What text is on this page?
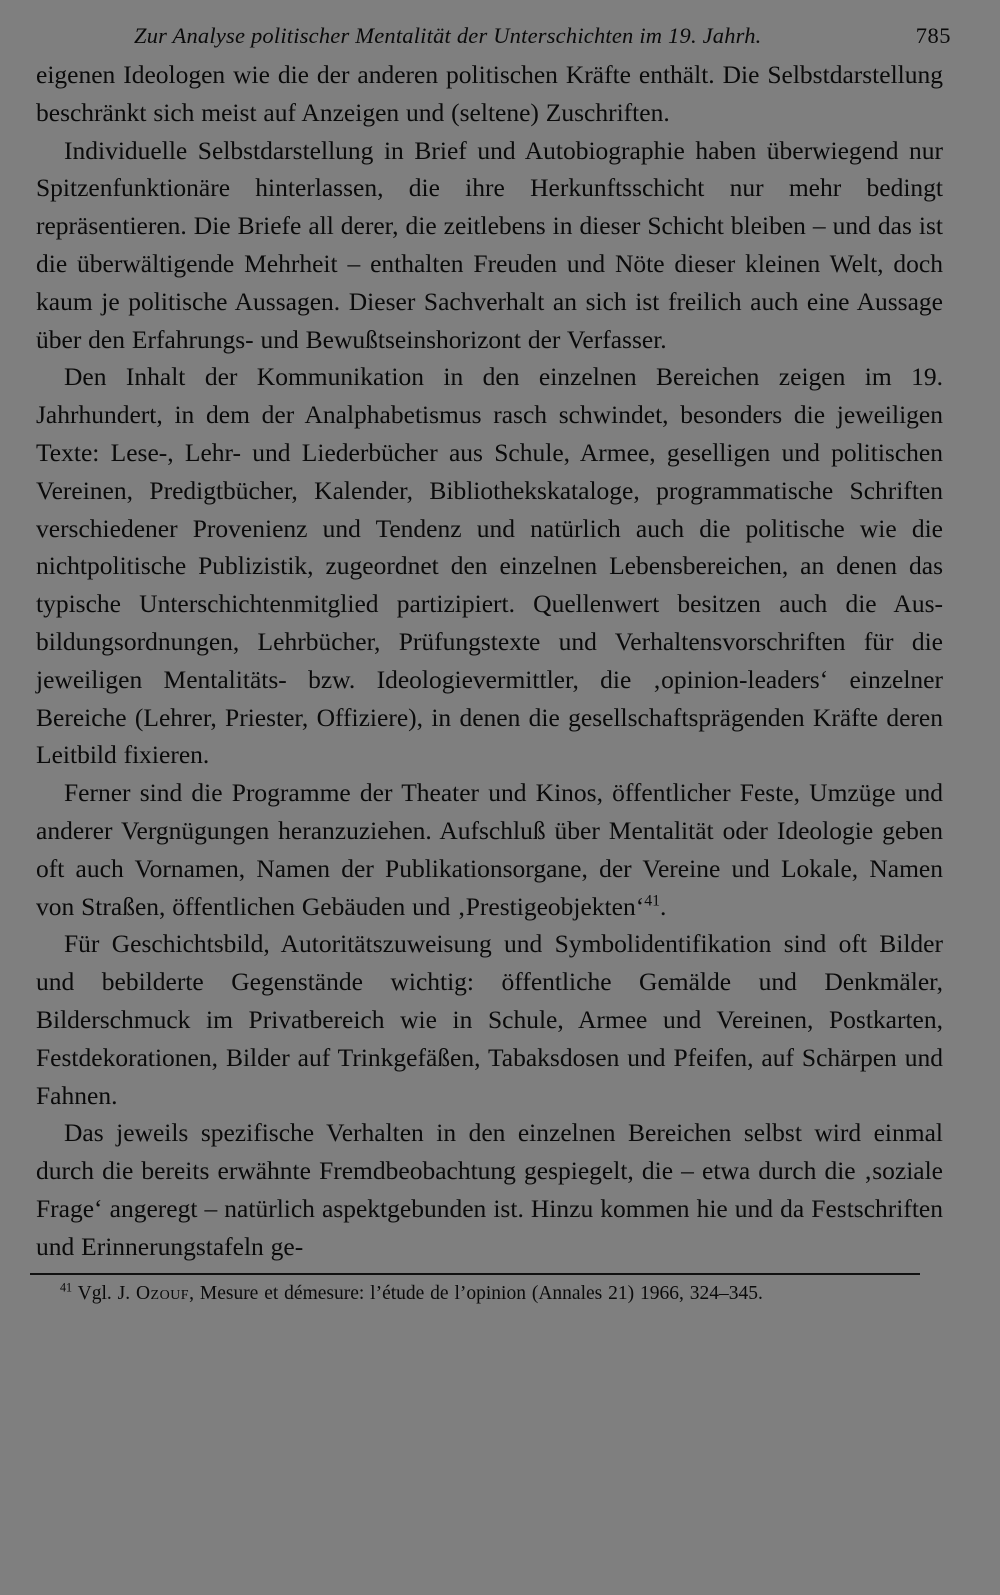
Zur Analyse politischer Mentalität der Unterschichten im 19. Jahrh.	785

eigenen Ideologen wie die der anderen politischen Kräfte enthält. Die Selbstdarstellung beschränkt sich meist auf Anzeigen und (seltene) Zuschriften.

Individuelle Selbstdarstellung in Brief und Autobiographie haben überwiegend nur Spitzenfunktionäre hinterlassen, die ihre Herkunftsschicht nur mehr bedingt repräsentieren. Die Briefe all derer, die zeitlebens in dieser Schicht bleiben – und das ist die überwältigende Mehrheit – enthalten Freuden und Nöte dieser kleinen Welt, doch kaum je politische Aussagen. Dieser Sachverhalt an sich ist freilich auch eine Aussage über den Erfahrungs- und Bewußtseinshorizont der Verfasser.

Den Inhalt der Kommunikation in den einzelnen Bereichen zeigen im 19. Jahrhundert, in dem der Analphabetismus rasch schwindet, besonders die jeweiligen Texte: Lese-, Lehr- und Liederbücher aus Schule, Armee, geselligen und politischen Vereinen, Predigtbücher, Kalender, Bibliothekskataloge, programmatische Schriften verschiedener Provenienz und Tendenz und natürlich auch die politische wie die nichtpolitische Publizistik, zugeordnet den einzelnen Lebensbereichen, an denen das typische Unterschichtenmitglied partizipiert. Quellenwert besitzen auch die Ausbildungsordnungen, Lehrbücher, Prüfungstexte und Verhaltensvorschriften für die jeweiligen Mentalitäts- bzw. Ideologievermittler, die ‚opinion-leaders‘ einzelner Bereiche (Lehrer, Priester, Offiziere), in denen die gesellschaftsprägenden Kräfte deren Leitbild fixieren.

Ferner sind die Programme der Theater und Kinos, öffentlicher Feste, Umzüge und anderer Vergnügungen heranzuziehen. Aufschluß über Mentalität oder Ideologie geben oft auch Vornamen, Namen der Publikationsorgane, der Vereine und Lokale, Namen von Straßen, öffentlichen Gebäuden und ‚Prestigeobjekten‘$^{41}$.

Für Geschichtsbild, Autoritätszuweisung und Symbolidentifikation sind oft Bilder und bebilderte Gegenstände wichtig: öffentliche Gemälde und Denkmäler, Bilderschmuck im Privatbereich wie in Schule, Armee und Vereinen, Postkarten, Festdekorationen, Bilder auf Trinkgefäßen, Tabaksdosen und Pfeifen, auf Schärpen und Fahnen.

Das jeweils spezifische Verhalten in den einzelnen Bereichen selbst wird einmal durch die bereits erwähnte Fremdbeobachtung gespiegelt, die – etwa durch die ‚soziale Frage‘ angeregt – natürlich aspektgebunden ist. Hinzu kommen hie und da Festschriften und Erinnerungstafeln ge-

$^{41}$ Vgl. J. Ozouf, Mesure et démesure: l’étude de l’opinion (Annales 21) 1966, 324–345.
